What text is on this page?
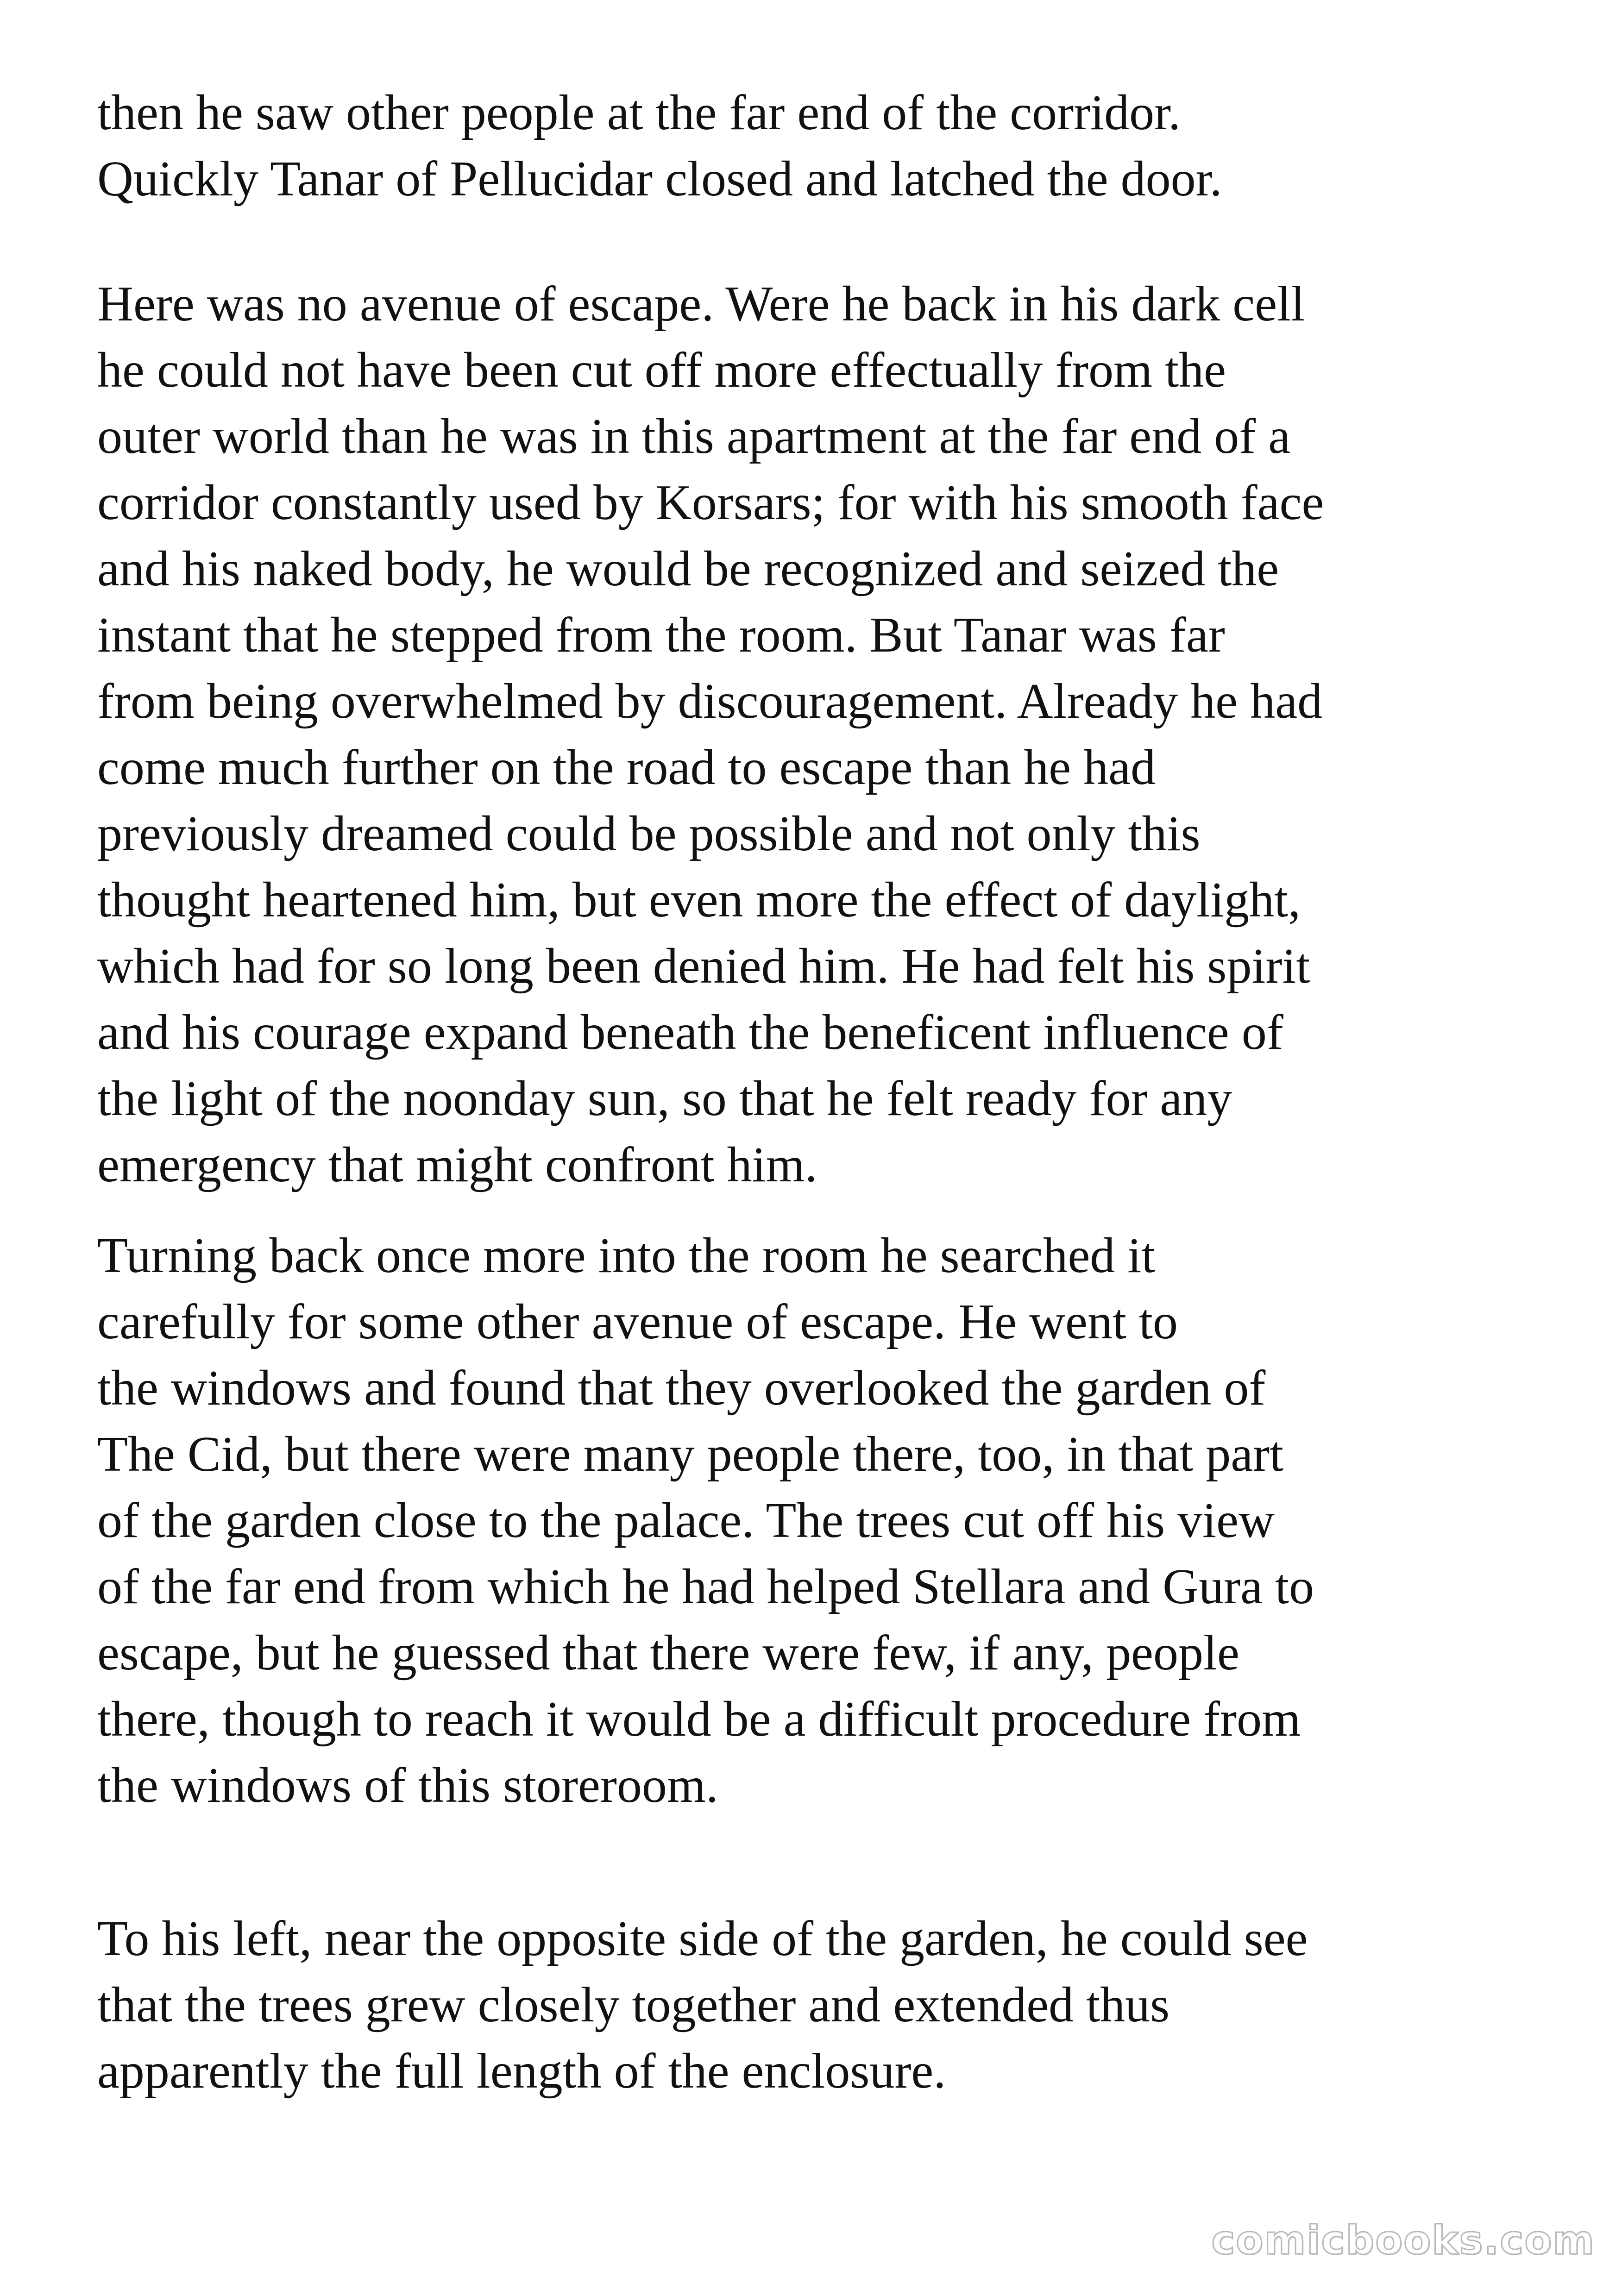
then he saw other people at the far end of the corridor.
Quickly Tanar of Pellucidar closed and latched the door.

Here was no avenue of escape. Were he back in his dark cell
he could not have been cut off more effectually from the
outer world than he was in this apartment at the far end of a
corridor constantly used by Korsars; for with his smooth face
and his naked body, he would be recognized and seized the
instant that he stepped from the room. But Tanar was far
from being overwhelmed by discouragement. Already he had
come much further on the road to escape than he had
previously dreamed could be possible and not only this
thought heartened him, but even more the effect of daylight,
which had for so long been denied him. He had felt his spirit
and his courage expand beneath the beneficent influence of
the light of the noonday sun, so that he felt ready for any
emergency that might confront him.

Turning back once more into the room he searched it
carefully for some other avenue of escape. He went to
the windows and found that they overlooked the garden of
The Cid, but there were many people there, too, in that part
of the garden close to the palace. The trees cut off his view
of the far end from which he had helped Stellara and Gura to
escape, but he guessed that there were few, if any, people
there, though to reach it would be a difficult procedure from
the windows of this storeroom.

To his left, near the opposite side of the garden, he could see
that the trees grew closely together and extended thus
apparently the full length of the enclosure.

comicbooks.com
